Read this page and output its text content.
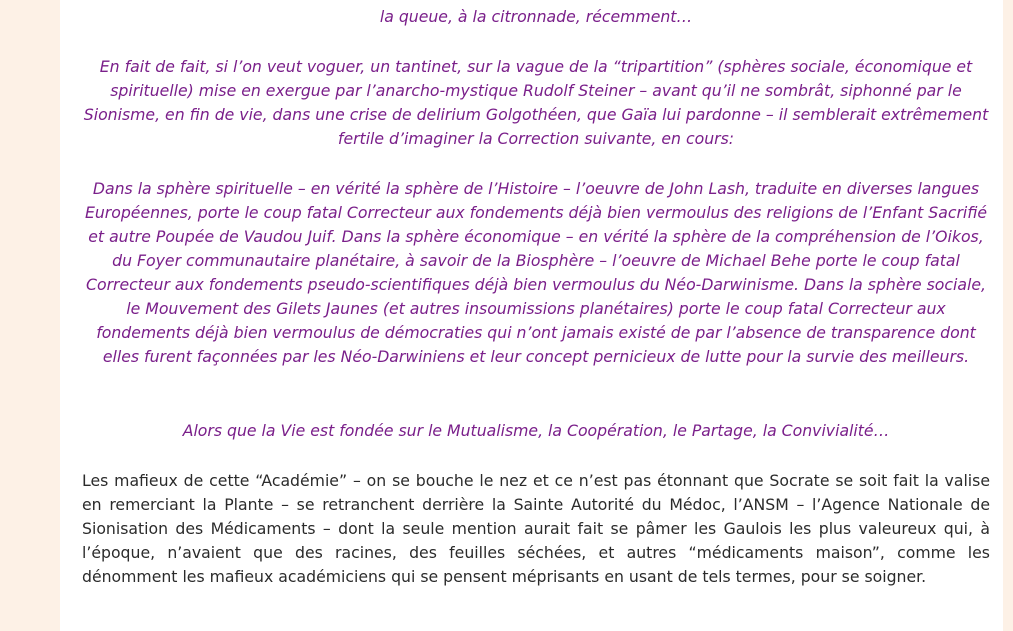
la queue, à la citronnade, récemment…

En fait de fait, si l’on veut voguer, un tantinet, sur la vague de la “tripartition” (sphères sociale, économique et spirituelle) mise en exergue par l’anarcho-mystique Rudolf Steiner – avant qu’il ne sombrât, siphonné par le Sionisme, en fin de vie, dans une crise de delirium Golgothéen, que Gaïa lui pardonne – il semblerait extrêmement fertile d’imaginer la Correction suivante, en cours:

Dans la sphère spirituelle – en vérité la sphère de l’Histoire – l’oeuvre de John Lash, traduite en diverses langues Européennes, porte le coup fatal Correcteur aux fondements déjà bien vermoulus des religions de l’Enfant Sacrifié et autre Poupée de Vaudou Juif. Dans la sphère économique – en vérité la sphère de la compréhension de l’Oikos, du Foyer communautaire planétaire, à savoir de la Biosphère – l’oeuvre de Michael Behe porte le coup fatal Correcteur aux fondements pseudo-scientifiques déjà bien vermoulus du Néo-Darwinisme. Dans la sphère sociale, le Mouvement des Gilets Jaunes (et autres insoumissions planétaires) porte le coup fatal Correcteur aux fondements déjà bien vermoulus de démocraties qui n’ont jamais existé de par l’absence de transparence dont elles furent façonnées par les Néo-Darwiniens et leur concept pernicieux de lutte pour la survie des meilleurs.

Alors que la Vie est fondée sur le Mutualisme, la Coopération, le Partage, la Convivialité…

Les mafieux de cette “Académie” – on se bouche le nez et ce n’est pas étonnant que Socrate se soit fait la valise en remerciant la Plante – se retranchent derrière la Sainte Autorité du Médoc, l’ANSM – l’Agence Nationale de Sionisation des Médicaments – dont la seule mention aurait fait se pâmer les Gaulois les plus valeureux qui, à l’époque, n’avaient que des racines, des feuilles séchées, et autres “médicaments maison”, comme les dénomment les mafieux académiciens qui se pensent méprisants en usant de tels termes, pour se soigner.
